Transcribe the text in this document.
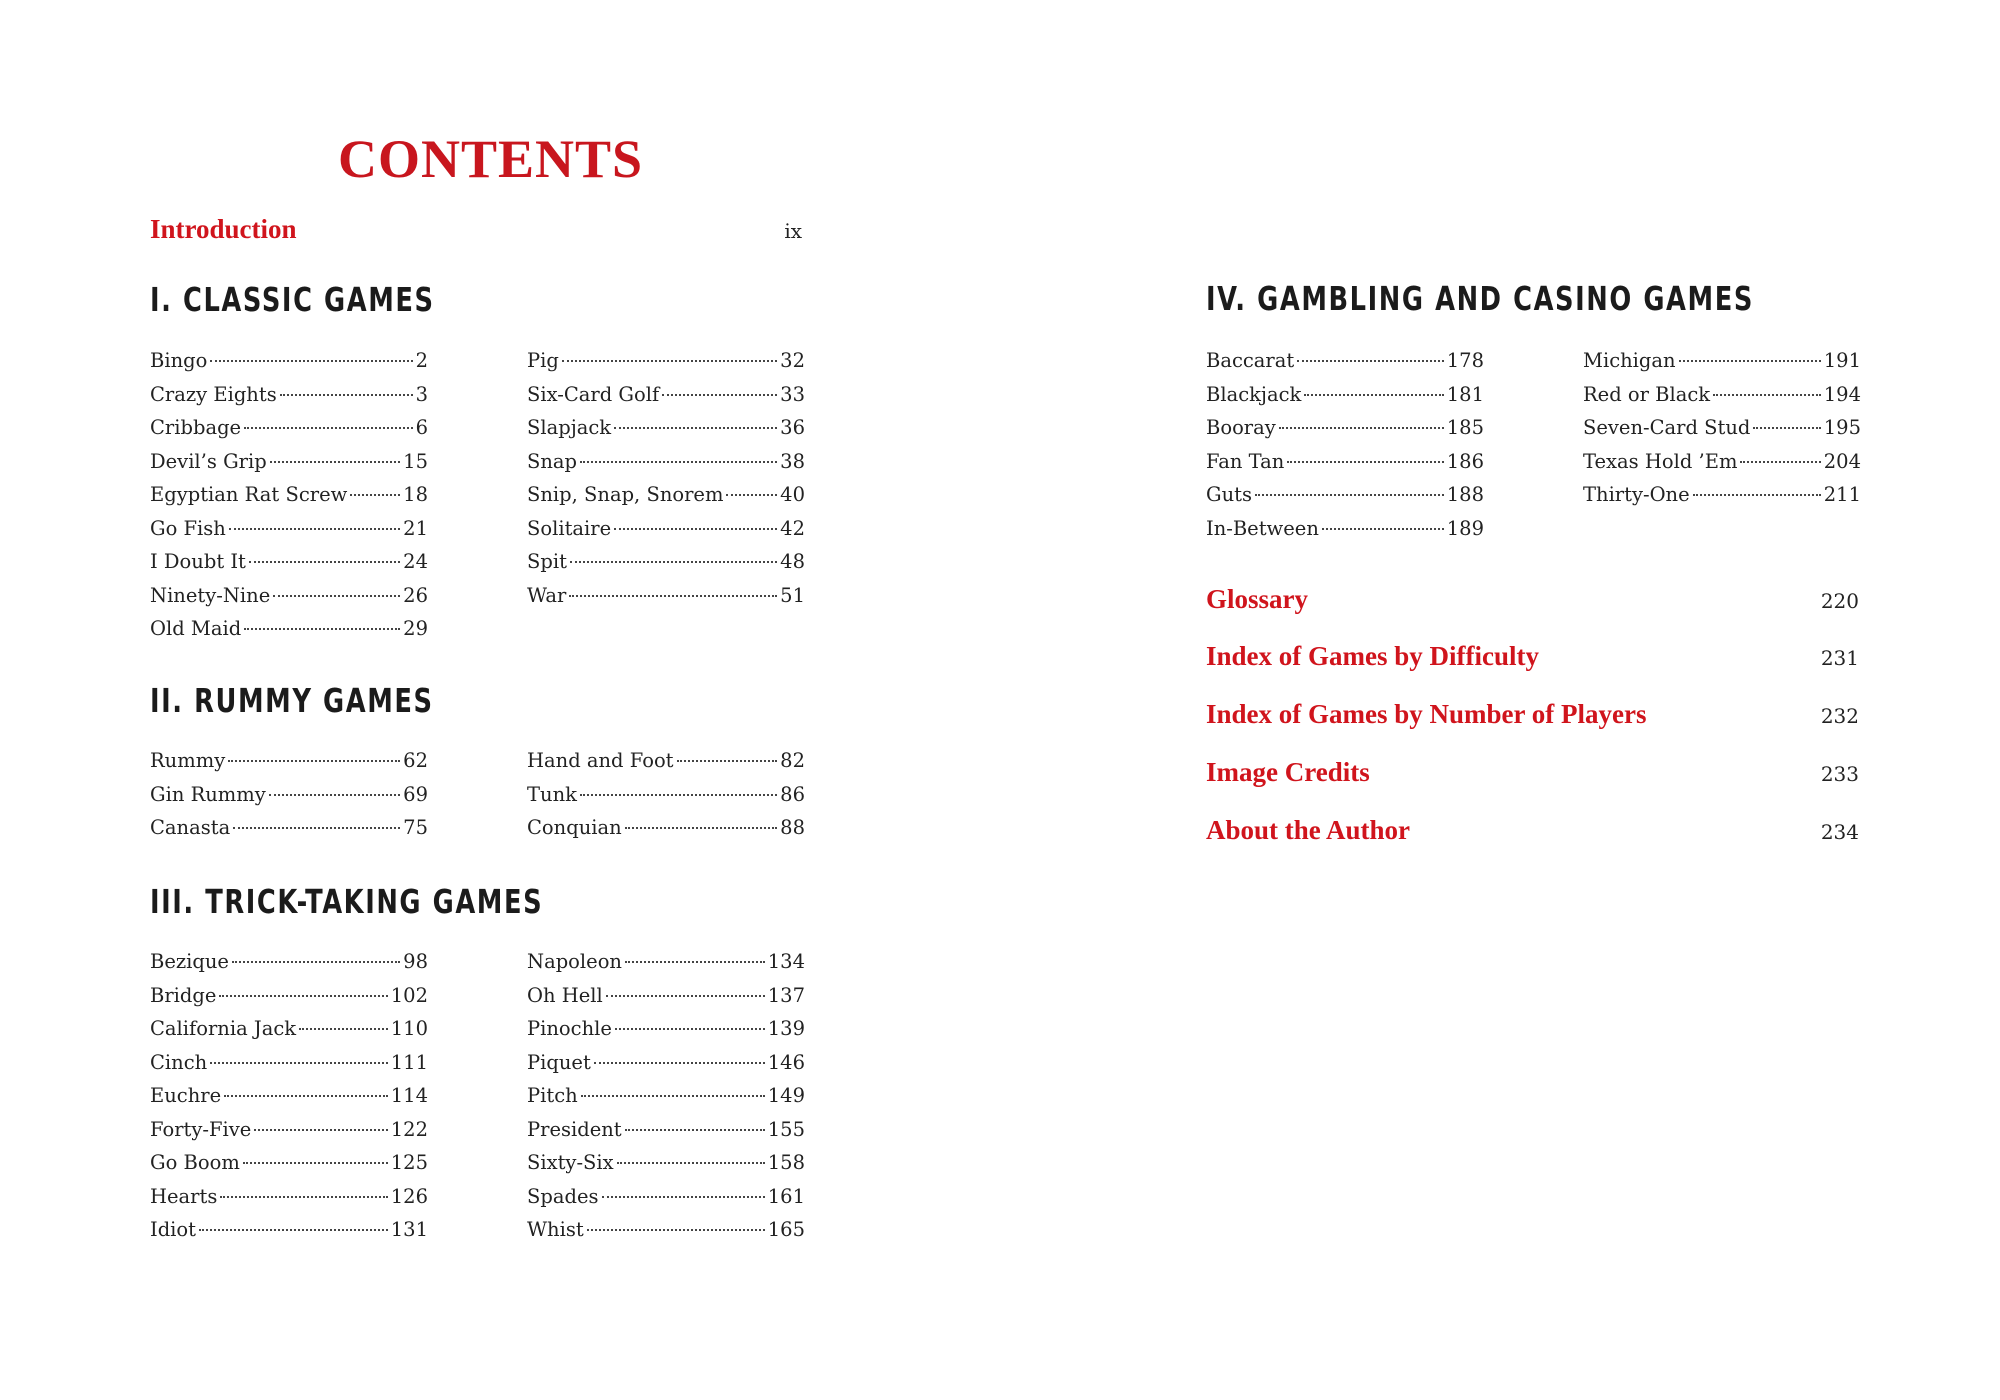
CONTENTS
Introduction	ix
I. CLASSIC GAMES
Bingo	2
Crazy Eights	3
Cribbage	6
Devil’s Grip	15
Egyptian Rat Screw	18
Go Fish	21
I Doubt It	24
Ninety-Nine	26
Old Maid	29
Pig	32
Six-Card Golf	33
Slapjack	36
Snap	38
Snip, Snap, Snorem	40
Solitaire	42
Spit	48
War	51
II. RUMMY GAMES
Rummy	62
Gin Rummy	69
Canasta	75
Hand and Foot	82
Tunk	86
Conquian	88
III. TRICK-TAKING GAMES
Bezique	98
Bridge	102
California Jack	110
Cinch	111
Euchre	114
Forty-Five	122
Go Boom	125
Hearts	126
Idiot	131
Napoleon	134
Oh Hell	137
Pinochle	139
Piquet	146
Pitch	149
President	155
Sixty-Six	158
Spades	161
Whist	165
IV. GAMBLING AND CASINO GAMES
Baccarat	178
Blackjack	181
Booray	185
Fan Tan	186
Guts	188
In-Between	189
Michigan	191
Red or Black	194
Seven-Card Stud	195
Texas Hold ’Em	204
Thirty-One	211
Glossary	220
Index of Games by Difficulty	231
Index of Games by Number of Players	232
Image Credits	233
About the Author	234
